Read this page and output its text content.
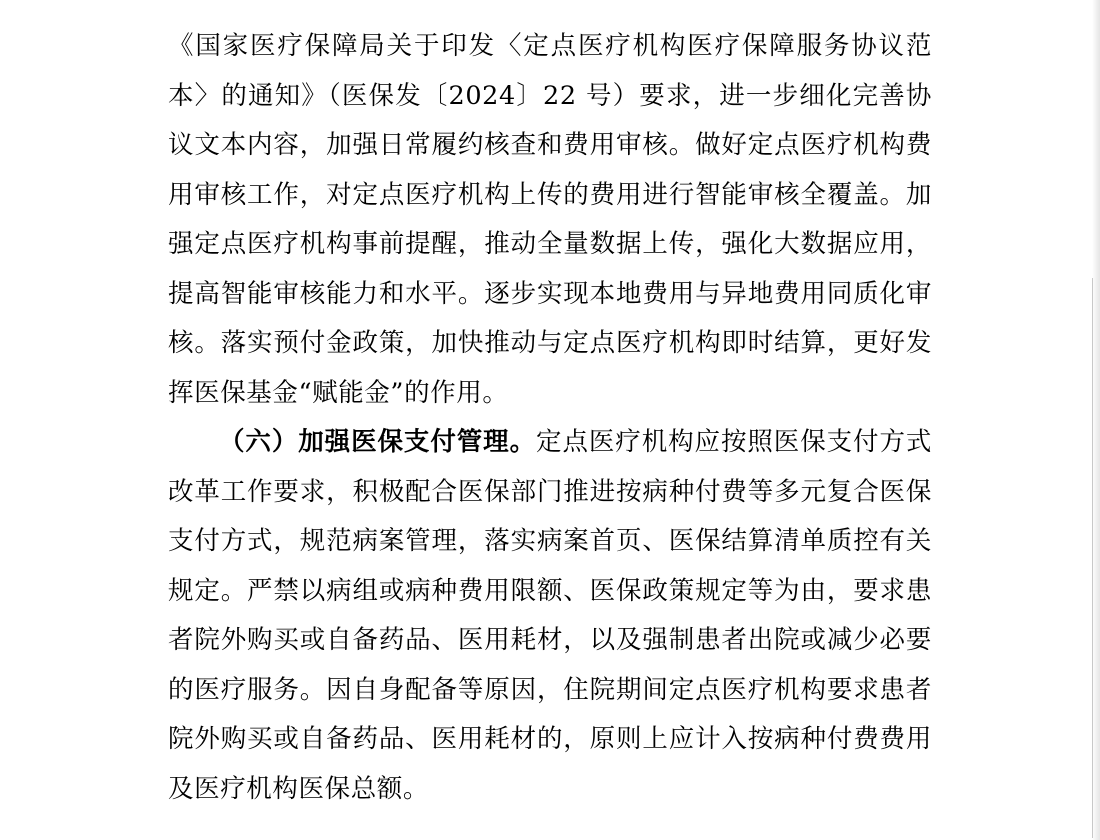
《国家医疗保障局关于印发〈定点医疗机构医疗保障服务协议范本〉的通知》（医保发〔2024〕22 号）要求，进一步细化完善协议文本内容，加强日常履约核查和费用审核。做好定点医疗机构费用审核工作，对定点医疗机构上传的费用进行智能审核全覆盖。加强定点医疗机构事前提醒，推动全量数据上传，强化大数据应用，提高智能审核能力和水平。逐步实现本地费用与异地费用同质化审核。落实预付金政策，加快推动与定点医疗机构即时结算，更好发挥医保基金“赋能金”的作用。

（六）加强医保支付管理。定点医疗机构应按照医保支付方式改革工作要求，积极配合医保部门推进按病种付费等多元复合医保支付方式，规范病案管理，落实病案首页、医保结算清单质控有关规定。严禁以病组或病种费用限额、医保政策规定等为由，要求患者院外购买或自备药品、医用耗材，以及强制患者出院或减少必要的医疗服务。因自身配备等原因，住院期间定点医疗机构要求患者院外购买或自备药品、医用耗材的，原则上应计入按病种付费费用及医疗机构医保总额。
